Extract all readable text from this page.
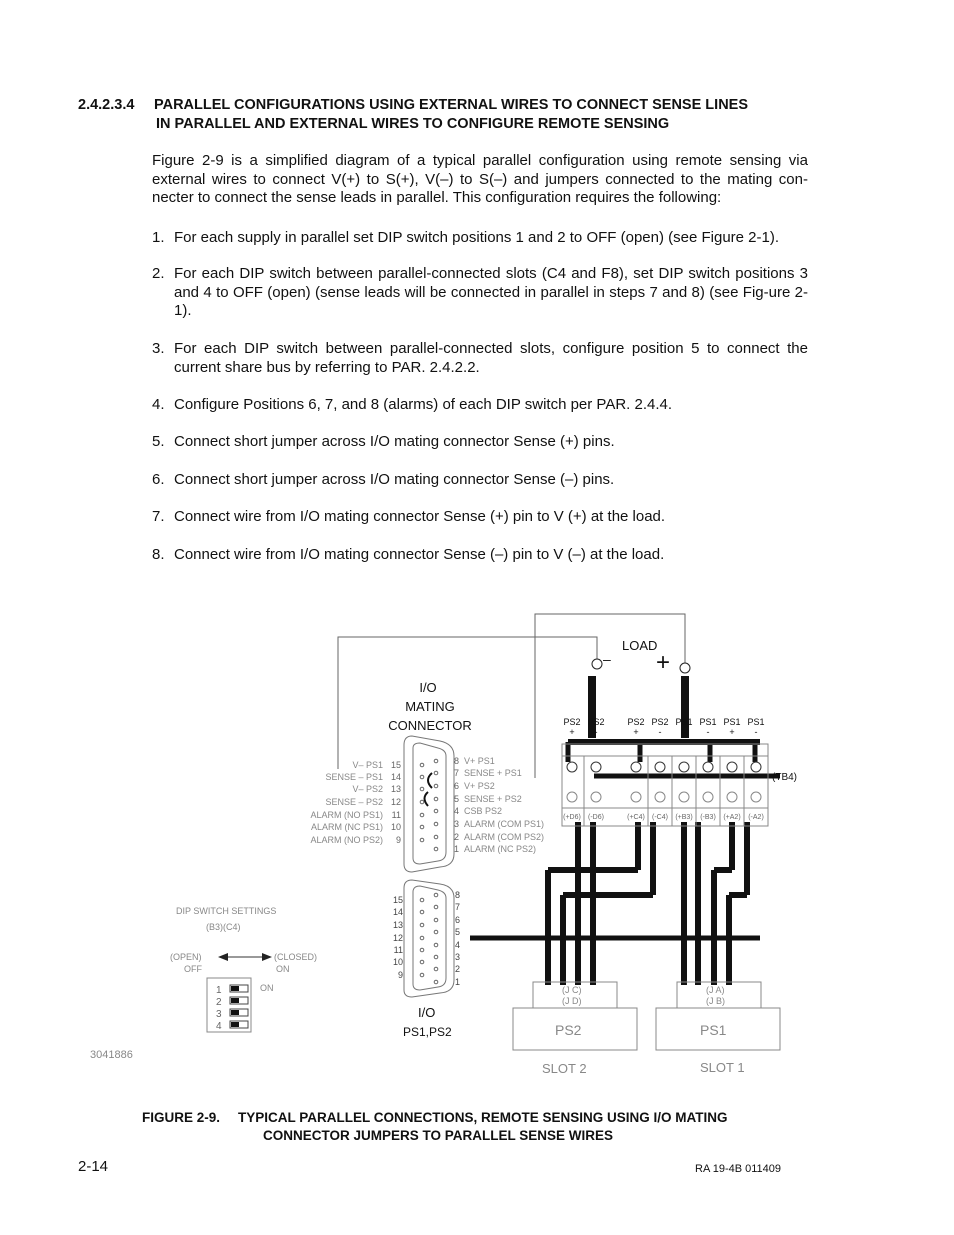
2.4.2.3.4 PARALLEL CONFIGURATIONS USING EXTERNAL WIRES TO CONNECT SENSE LINES
IN PARALLEL AND EXTERNAL WIRES TO CONFIGURE REMOTE SENSING
Figure 2-9 is a simplified diagram of a typical parallel configuration using remote sensing via external wires to connect V(+) to S(+), V(–) to S(–) and jumpers connected to the mating con-necter to connect the sense leads in parallel. This configuration requires the following:
1. For each supply in parallel set DIP switch positions 1 and 2 to OFF (open) (see Figure 2-1).
2. For each DIP switch between parallel-connected slots (C4 and F8), set DIP switch positions 3 and 4 to OFF (open) (sense leads will be connected in parallel in steps 7 and 8) (see Fig-ure 2-1).
3. For each DIP switch between parallel-connected slots, configure position 5 to connect the current share bus by referring to PAR. 2.4.2.2.
4. Configure Positions 6, 7, and 8 (alarms) of each DIP switch per PAR. 2.4.4.
5. Connect short jumper across I/O mating connector Sense (+) pins.
6. Connect short jumper across I/O mating connector Sense (–) pins.
7. Connect wire from I/O mating connector Sense (+) pin to V (+) at the load.
8. Connect wire from I/O mating connector Sense (–) pin to V (–) at the load.
LOAD
– +
I/O
MATING
CONNECTOR
(+D6) (-D6)	(+C4) (-C4) (+B3) (-B3) (+A2) (-A2)
(TB4)
PS2
+
PS2
-
PS2
+
PS2
-
PS1
+
PS1
-
PS1
+
PS1
-
15
V– PS1
14
SENSE – PS1
13
V– PS2
12
SENSE – PS2
11
ALARM (NO PS1)
10
ALARM (NC PS1)
9
ALARM (NO PS2)
8 V+ PS1
7 SENSE + PS1
6 V+ PS2
5 SENSE + PS2
4 CSB PS2
3 ALARM (COM PS1)
2 ALARM (COM PS2)
1 ALARM (NC PS2)
15
14
13
12
11
10
9
8
7
6
5
4
3
2
1
I/O
PS1,PS2
DIP SWITCH SETTINGS
(B3)(C4)
(OPEN)
OFF
(CLOSED)
ON
1
2
3
4
ON	(J C)
(J D)
(J A)
(J B)
PS2	PS1
SLOT 2	SLOT 1
3041886
FIGURE 2-9. TYPICAL PARALLEL CONNECTIONS, REMOTE SENSING USING I/O MATING
CONNECTOR JUMPERS TO PARALLEL SENSE WIRES
2-14	RA 19-4B 011409
